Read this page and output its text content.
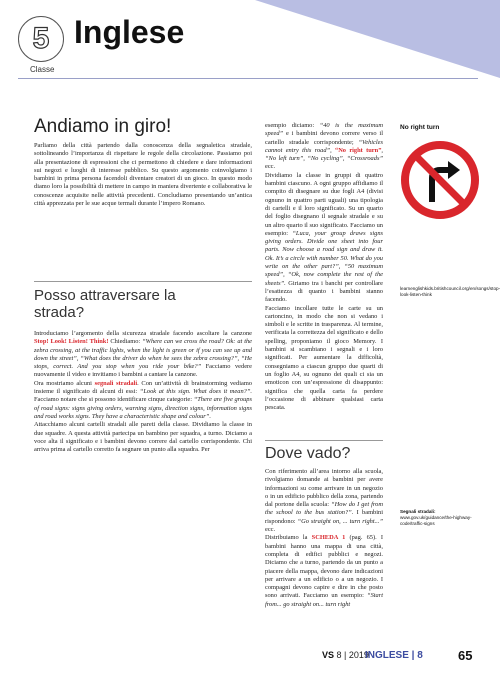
5 Inglese
Classe
Andiamo in giro!

Parliamo della città partendo dalla conoscenza della segnaletica stradale, sottolineando l’importanza di rispettare le regole della circolazione. Passiamo poi alla presentazione di espressioni che ci permettono di chiedere e dare informazioni sui negozi e luoghi di interesse pubblico. Su questo argomento coinvolgiamo i bambini in prima persona facendoli diventare creatori di un gioco. In questo modo diamo loro la possibilità di mettere in campo in maniera divertente e collaborativa le conoscenze acquisite nelle attività precedenti. Concludiamo presentando un’antica città apprezzata per le sue acque termali durante l’impero Romano.

Posso attraversare la strada?
Introduciamo l’argomento della sicurezza stradale facendo ascoltare la canzone Stop! Look! Listen! Think! Chiediamo: “Where can we cross the road? Ok: at the zebra crossing, at the traffic lights, when the light is green or if you can see up and down the street”, “What does the driver do when he sees the zebra crossing?”, “He stops, correct. And you stop when you ride your bike?” Facciamo vedere nuovamente il video e invitiamo i bambini a cantare la canzone.
Ora mostriamo alcuni segnali stradali. Con un’attività di brainstorming vediamo insieme il significato di alcuni di essi: “Look at this sign. What does it mean?”. Facciamo notare che si possono identificare cinque categorie: “There are five groups of road signs: signs giving orders, warning signs, direction signs, information signs and road works signs. They have a characteristic shape and colour”.
Attacchiamo alcuni cartelli stradali alle pareti della classe. Dividiamo la classe in due squadre. A questa attività partecipa un bambino per squadra, a turno. Diciamo a voce alta il significato e i bambini devono correre dal cartello corrispondente. Chi arriva prima al cartello corretto fa segnare un punto alla squadra. Per
esempio diciamo: “40 is the maximum speed” e i bambini devono correre verso il cartello stradale corrispondente; “Vehicles cannot entry this road”, “No right turn”, “No left turn”, “No cycling”, “Crossroads” ecc.
Dividiamo la classe in gruppi di quattro bambini ciascuno. A ogni gruppo affidiamo il compito di disegnare su due fogli A4 (divisi ognuno in quattro parti uguali) una tipologia di cartelli e il loro significato. Su un quarto del foglio disegnano il segnale stradale e su un altro quarto il suo significato. Facciamo un esempio: “Luca, your group draws signs giving orders. Divide one sheet into four parts. Now choose a road sign and draw it. Ok. It’s a circle with number 50. What do you write on the other part?”, “50 maximum speed”, “Ok, now complete the rest of the sheets”. Giriamo tra i banchi per controllare l’esattezza di quanto i bambini stanno facendo.
Facciamo incollare tutte le carte su un cartoncino, in modo che non si vedano i simboli e le scritte in trasparenza. Al termine, verificata la correttezza del significato e dello spelling, proponiamo il gioco Memory. I bambini si scambiano i segnali e i loro significati. Per aumentare la difficoltà, consegniamo a ciascun gruppo due quarti di un foglio A4, su ognuno dei quali ci sia un emoticon con un’espressione di disappunto: significa che quella carta fa perdere l’occasione di abbinare qualsiasi carta pescata.
Dove vado?
Con riferimento all’area intorno alla scuola, rivolgiamo domande ai bambini per avere informazioni su come arrivare in un negozio o in un edificio pubblico della zona, partendo dal portone della scuola: “How do I get from the school to the bus station?”. I bambini rispondono: “Go straight on, ... turn right...” ecc.
Distribuiamo la SCHEDA 1 (pag. 65). I bambini hanno una mappa di una città, completa di edifici pubblici e negozi. Diciamo che a turno, partendo da un punto a piacere della mappa, devono dare indicazioni per arrivare a un edificio o a un negozio. I compagni devono capire e dire in che posto sono arrivati. Facciamo un esempio: “Start from... go straight on... turn right
No right turn
learnenglishkids.britishcouncil.org/en/songs/stop-look-listen-think
Segnali stradali:
www.gov.uk/guidance/the-highway-code/traffic-signs
VS 8 | 2019
INGLESE | 8	65
